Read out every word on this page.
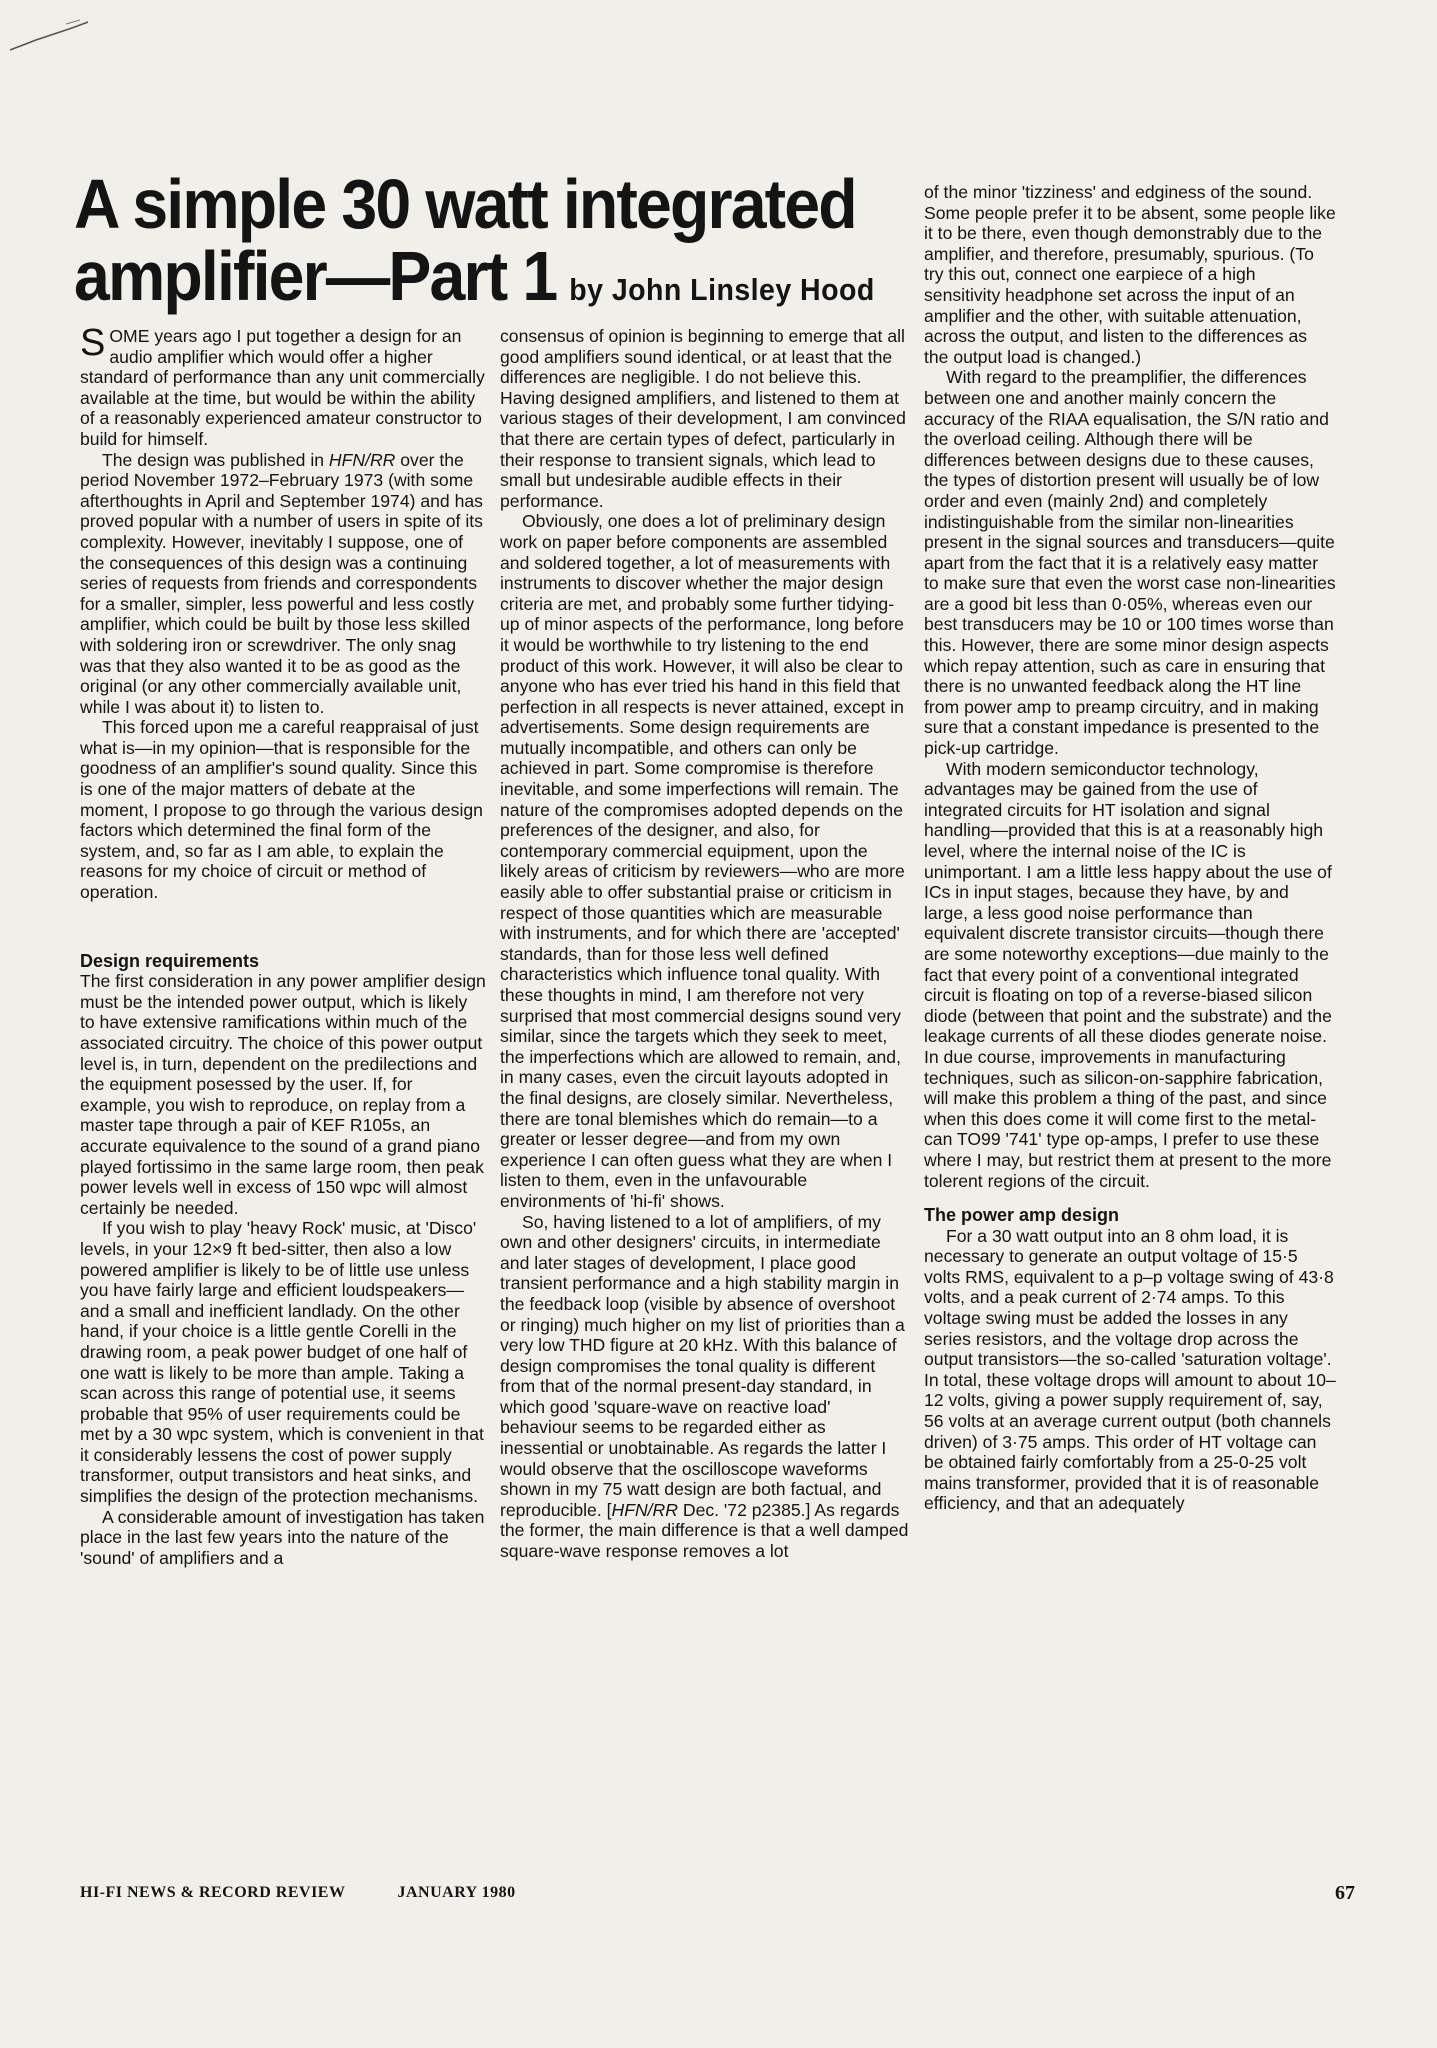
A simple 30 watt integrated
amplifier—Part 1 by John Linsley Hood

SOME years ago I put together a design for an audio amplifier which would offer a higher standard of performance than any unit commercially available at the time, but would be within the ability of a reasonably experienced amateur constructor to build for himself.

The design was published in HFN/RR over the period November 1972–February 1973 (with some afterthoughts in April and September 1974) and has proved popular with a number of users in spite of its complexity. However, inevitably I suppose, one of the consequences of this design was a continuing series of requests from friends and correspondents for a smaller, simpler, less powerful and less costly amplifier, which could be built by those less skilled with soldering iron or screwdriver. The only snag was that they also wanted it to be as good as the original (or any other commercially available unit, while I was about it) to listen to.

This forced upon me a careful reappraisal of just what is—in my opinion—that is responsible for the goodness of an amplifier's sound quality. Since this is one of the major matters of debate at the moment, I propose to go through the various design factors which determined the final form of the system, and, so far as I am able, to explain the reasons for my choice of circuit or method of operation.

Design requirements

The first consideration in any power amplifier design must be the intended power output, which is likely to have extensive ramifications within much of the associated circuitry. The choice of this power output level is, in turn, dependent on the predilections and the equipment posessed by the user. If, for example, you wish to reproduce, on replay from a master tape through a pair of KEF R105s, an accurate equivalence to the sound of a grand piano played fortissimo in the same large room, then peak power levels well in excess of 150 wpc will almost certainly be needed.

If you wish to play 'heavy Rock' music, at 'Disco' levels, in your 12×9 ft bed-sitter, then also a low powered amplifier is likely to be of little use unless you have fairly large and efficient loudspeakers—and a small and inefficient landlady. On the other hand, if your choice is a little gentle Corelli in the drawing room, a peak power budget of one half of one watt is likely to be more than ample. Taking a scan across this range of potential use, it seems probable that 95% of user requirements could be met by a 30 wpc system, which is convenient in that it considerably lessens the cost of power supply transformer, output transistors and heat sinks, and simplifies the design of the protection mechanisms.

A considerable amount of investigation has taken place in the last few years into the nature of the 'sound' of amplifiers and a

consensus of opinion is beginning to emerge that all good amplifiers sound identical, or at least that the differences are negligible. I do not believe this. Having designed amplifiers, and listened to them at various stages of their development, I am convinced that there are certain types of defect, particularly in their response to transient signals, which lead to small but undesirable audible effects in their performance.

Obviously, one does a lot of preliminary design work on paper before components are assembled and soldered together, a lot of measurements with instruments to discover whether the major design criteria are met, and probably some further tidying-up of minor aspects of the performance, long before it would be worthwhile to try listening to the end product of this work. However, it will also be clear to anyone who has ever tried his hand in this field that perfection in all respects is never attained, except in advertisements. Some design requirements are mutually incompatible, and others can only be achieved in part. Some compromise is therefore inevitable, and some imperfections will remain. The nature of the compromises adopted depends on the preferences of the designer, and also, for contemporary commercial equipment, upon the likely areas of criticism by reviewers—who are more easily able to offer substantial praise or criticism in respect of those quantities which are measurable with instruments, and for which there are 'accepted' standards, than for those less well defined characteristics which influence tonal quality. With these thoughts in mind, I am therefore not very surprised that most commercial designs sound very similar, since the targets which they seek to meet, the imperfections which are allowed to remain, and, in many cases, even the circuit layouts adopted in the final designs, are closely similar. Nevertheless, there are tonal blemishes which do remain—to a greater or lesser degree—and from my own experience I can often guess what they are when I listen to them, even in the unfavourable environments of 'hi-fi' shows.

So, having listened to a lot of amplifiers, of my own and other designers' circuits, in intermediate and later stages of development, I place good transient performance and a high stability margin in the feedback loop (visible by absence of overshoot or ringing) much higher on my list of priorities than a very low THD figure at 20 kHz. With this balance of design compromises the tonal quality is different from that of the normal present-day standard, in which good 'square-wave on reactive load' behaviour seems to be regarded either as inessential or unobtainable. As regards the latter I would observe that the oscilloscope waveforms shown in my 75 watt design are both factual, and reproducible. [HFN/RR Dec. '72 p2385.] As regards the former, the main difference is that a well damped square-wave response removes a lot

of the minor 'tizziness' and edginess of the sound. Some people prefer it to be absent, some people like it to be there, even though demonstrably due to the amplifier, and therefore, presumably, spurious. (To try this out, connect one earpiece of a high sensitivity headphone set across the input of an amplifier and the other, with suitable attenuation, across the output, and listen to the differences as the output load is changed.)

With regard to the preamplifier, the differences between one and another mainly concern the accuracy of the RIAA equalisation, the S/N ratio and the overload ceiling. Although there will be differences between designs due to these causes, the types of distortion present will usually be of low order and even (mainly 2nd) and completely indistinguishable from the similar non-linearities present in the signal sources and transducers—quite apart from the fact that it is a relatively easy matter to make sure that even the worst case non-linearities are a good bit less than 0·05%, whereas even our best transducers may be 10 or 100 times worse than this. However, there are some minor design aspects which repay attention, such as care in ensuring that there is no unwanted feedback along the HT line from power amp to preamp circuitry, and in making sure that a constant impedance is presented to the pick-up cartridge.

With modern semiconductor technology, advantages may be gained from the use of integrated circuits for HT isolation and signal handling—provided that this is at a reasonably high level, where the internal noise of the IC is unimportant. I am a little less happy about the use of ICs in input stages, because they have, by and large, a less good noise performance than equivalent discrete transistor circuits—though there are some noteworthy exceptions—due mainly to the fact that every point of a conventional integrated circuit is floating on top of a reverse-biased silicon diode (between that point and the substrate) and the leakage currents of all these diodes generate noise. In due course, improvements in manufacturing techniques, such as silicon-on-sapphire fabrication, will make this problem a thing of the past, and since when this does come it will come first to the metal-can TO99 '741' type op-amps, I prefer to use these where I may, but restrict them at present to the more tolerent regions of the circuit.

The power amp design

For a 30 watt output into an 8 ohm load, it is necessary to generate an output voltage of 15·5 volts RMS, equivalent to a p–p voltage swing of 43·8 volts, and a peak current of 2·74 amps. To this voltage swing must be added the losses in any series resistors, and the voltage drop across the output transistors—the so-called 'saturation voltage'. In total, these voltage drops will amount to about 10–12 volts, giving a power supply requirement of, say, 56 volts at an average current output (both channels driven) of 3·75 amps. This order of HT voltage can be obtained fairly comfortably from a 25-0-25 volt mains transformer, provided that it is of reasonable efficiency, and that an adequately

HI-FI NEWS & RECORD REVIEW	JANUARY 1980	67
